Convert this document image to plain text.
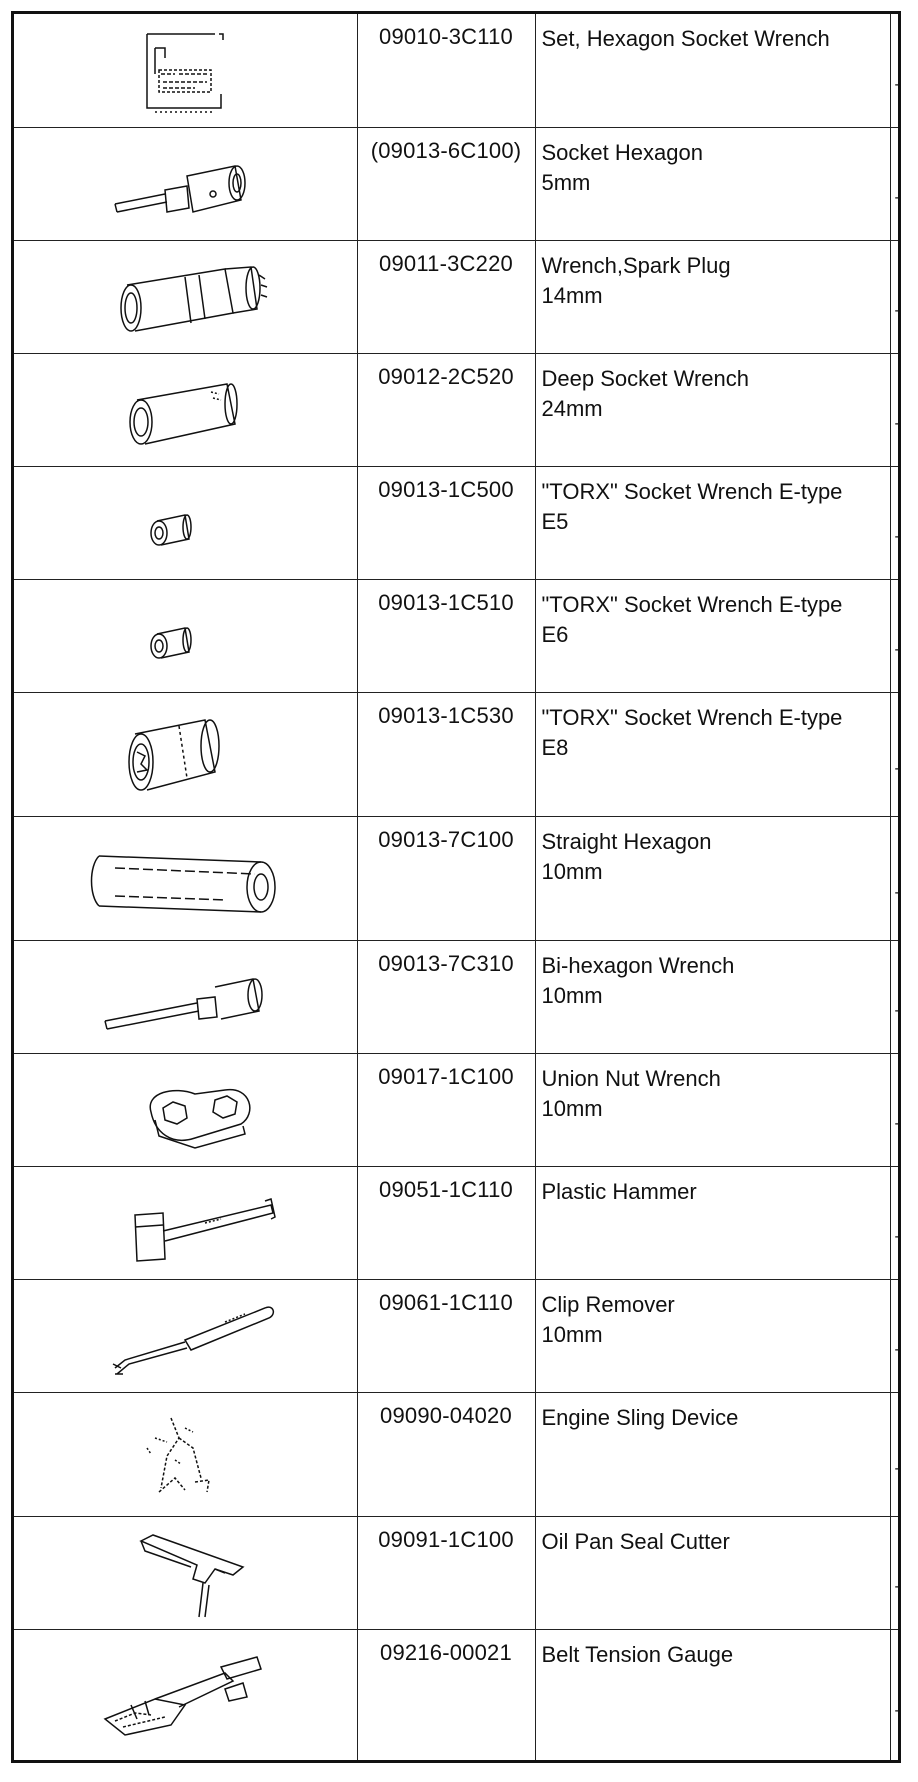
09010-3C110	Set, Hexagon Socket Wrench	-

(09013-6C100)	Socket Hexagon
5mm	-

09011-3C220	Wrench,Spark Plug
14mm	-

09012-2C520	Deep Socket Wrench
24mm	-

09013-1C500	"TORX" Socket Wrench E-type
E5	-

09013-1C510	"TORX" Socket Wrench E-type
E6	-

09013-1C530	"TORX" Socket Wrench E-type
E8	-

09013-7C100	Straight Hexagon
10mm	-

09013-7C310	Bi-hexagon Wrench
10mm	-

09017-1C100	Union Nut Wrench
10mm	-

09051-1C110	Plastic Hammer	-

09061-1C110	Clip Remover
10mm	-

09090-04020	Engine Sling Device	-

09091-1C100	Oil Pan Seal Cutter	-

09216-00021	Belt Tension Gauge	-
